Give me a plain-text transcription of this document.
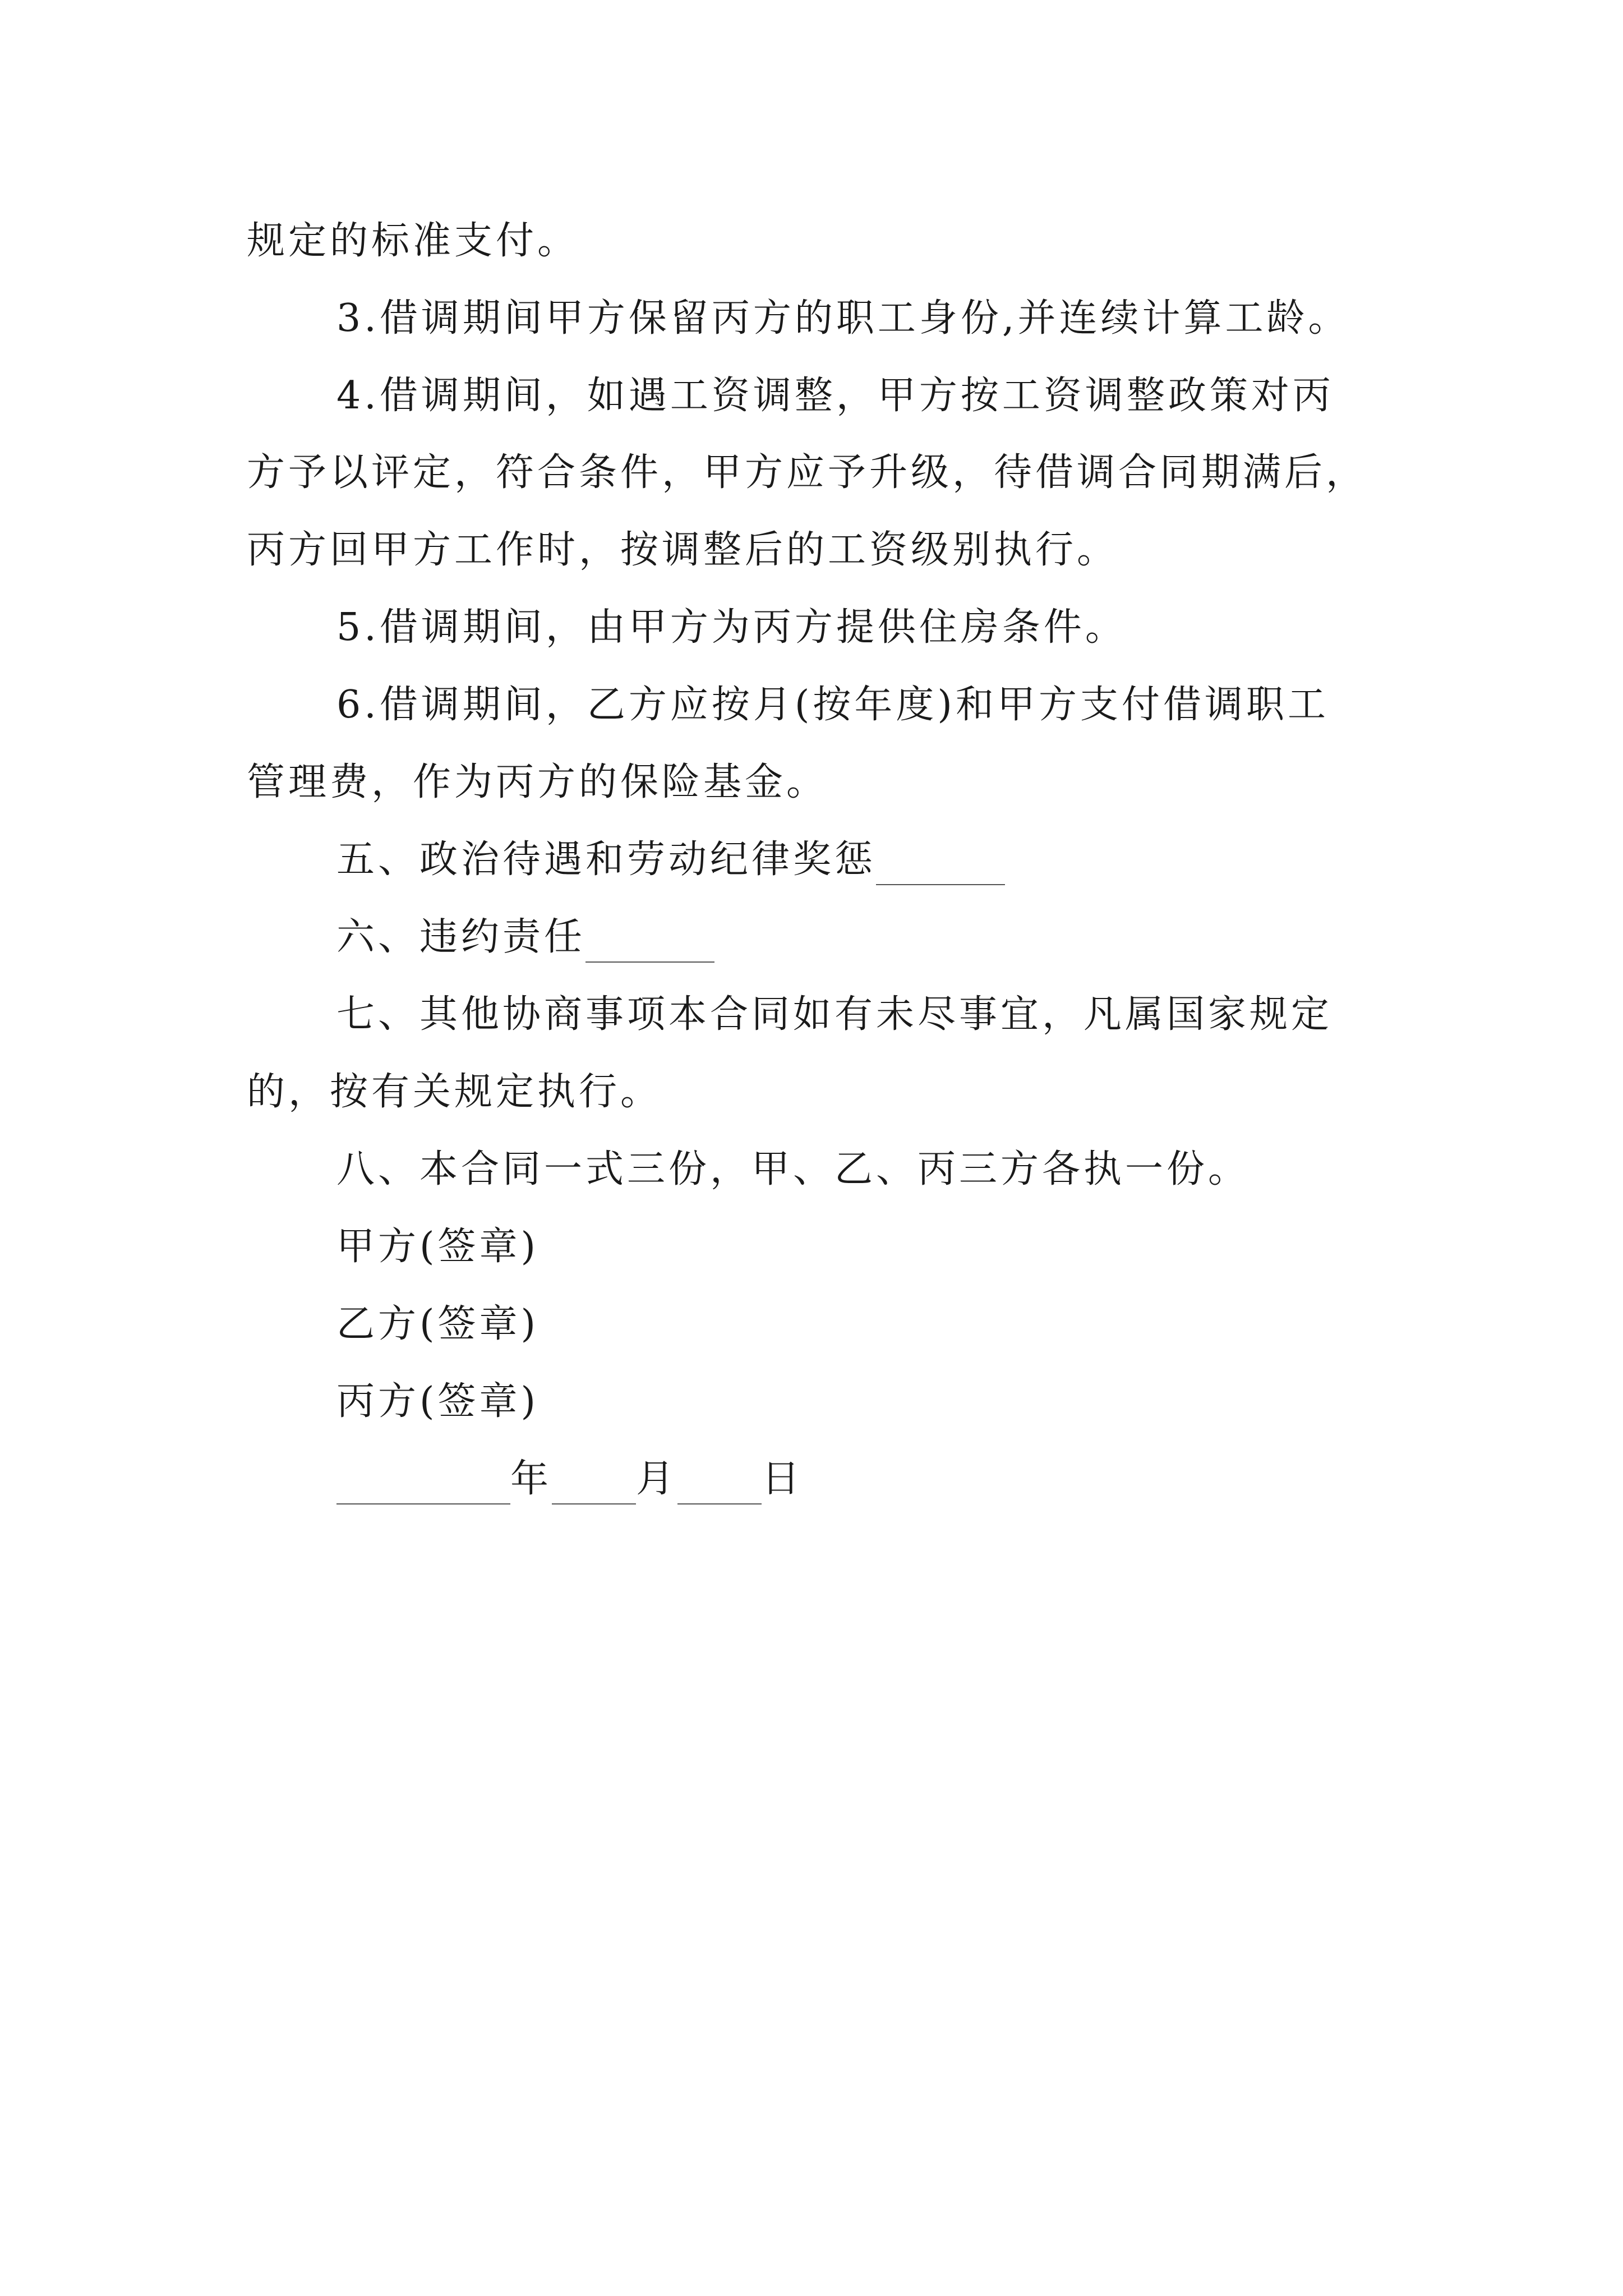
规定的标准支付。
3.借调期间甲方保留丙方的职工身份,并连续计算工龄。
4.借调期间，如遇工资调整，甲方按工资调整政策对丙
方予以评定，符合条件，甲方应予升级，待借调合同期满后，
丙方回甲方工作时，按调整后的工资级别执行。
5.借调期间，由甲方为丙方提供住房条件。
6.借调期间，乙方应按月(按年度)和甲方支付借调职工
管理费，作为丙方的保险基金。
五、政治待遇和劳动纪律奖惩
六、违约责任
七、其他协商事项本合同如有未尽事宜，凡属国家规定
的，按有关规定执行。
八、本合同一式三份，甲、乙、丙三方各执一份。
甲方(签章)
乙方(签章)
丙方(签章)
年 月 日
